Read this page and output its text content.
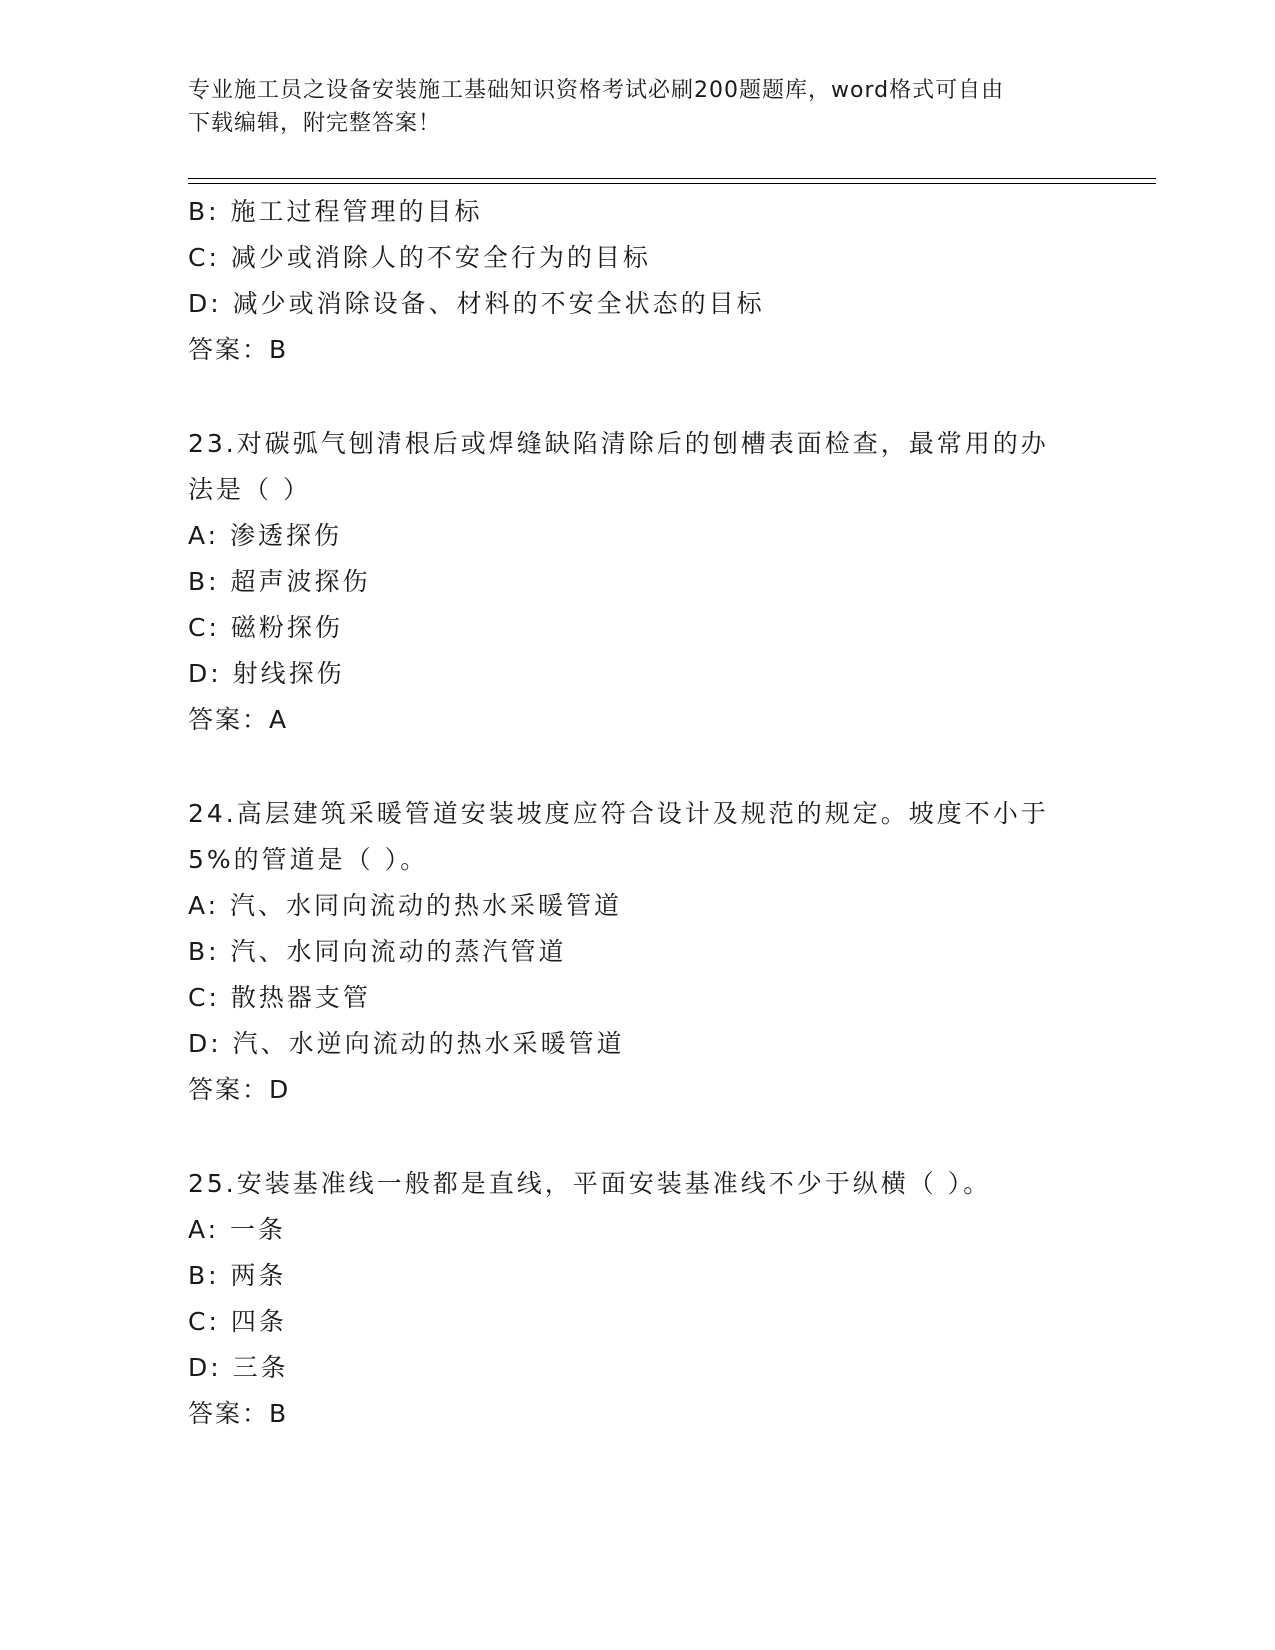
专业施工员之设备安装施工基础知识资格考试必刷200题题库，word格式可自由
下载编辑，附完整答案！
B: 施工过程管理的目标
C: 减少或消除人的不安全行为的目标
D: 减少或消除设备、材料的不安全状态的目标
答案：B
23.对碳弧气刨清根后或焊缝缺陷清除后的刨槽表面检查，最常用的办
法是（ ）
A: 渗透探伤
B: 超声波探伤
C: 磁粉探伤
D: 射线探伤
答案：A
24.高层建筑采暖管道安装坡度应符合设计及规范的规定。坡度不小于
5%的管道是（ ）。
A: 汽、水同向流动的热水采暖管道
B: 汽、水同向流动的蒸汽管道
C: 散热器支管
D: 汽、水逆向流动的热水采暖管道
答案：D
25.安装基准线一般都是直线，平面安装基准线不少于纵横（ ）。
A: 一条
B: 两条
C: 四条
D: 三条
答案：B
